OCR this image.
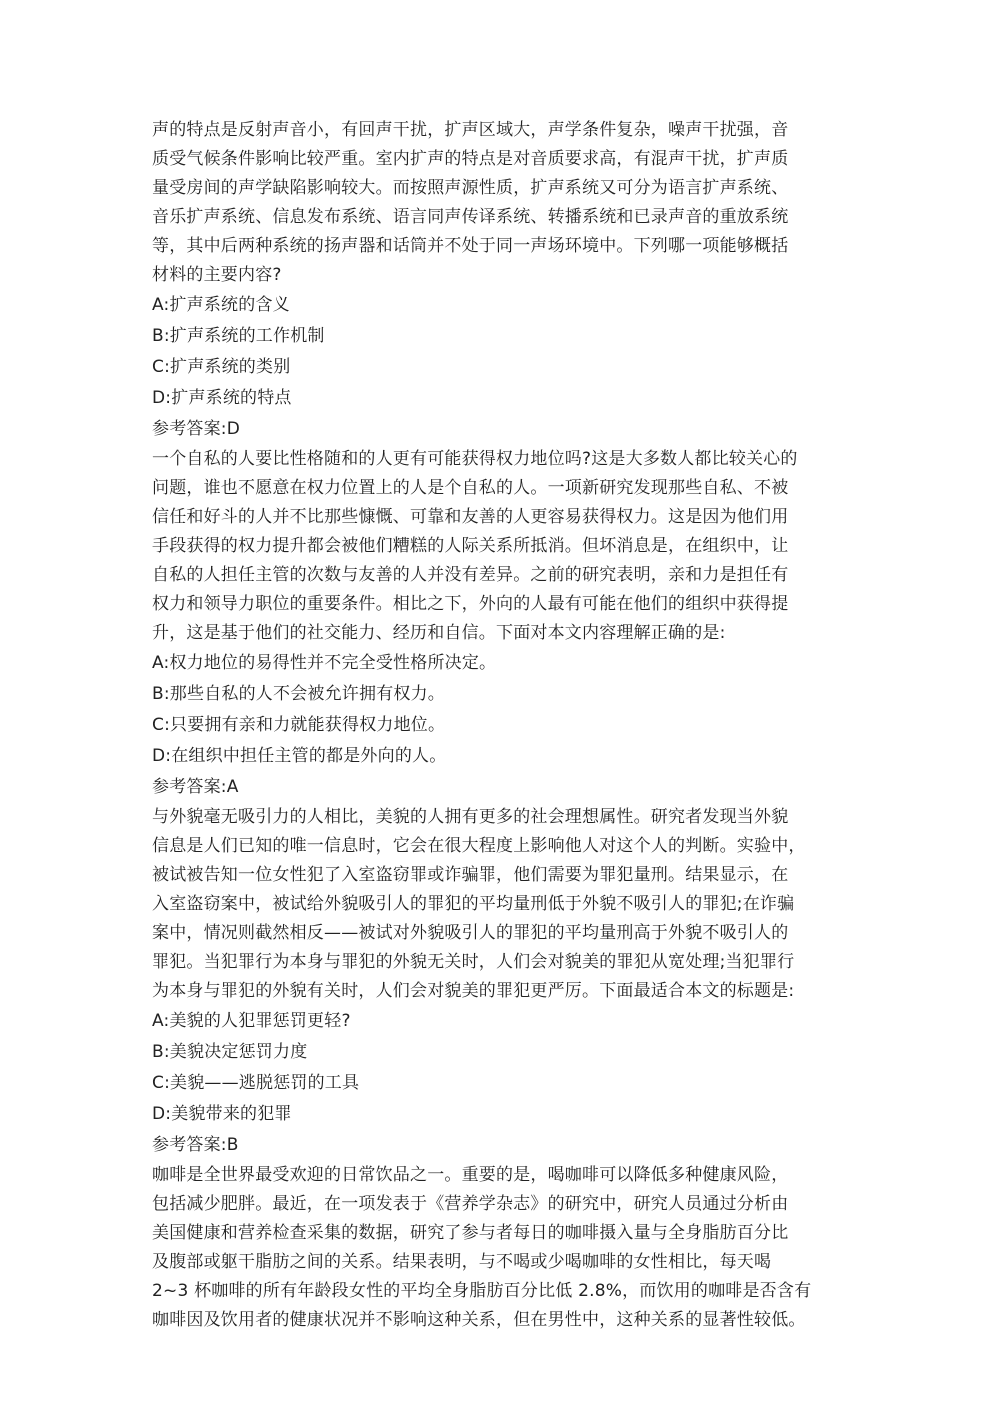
声的特点是反射声音小，有回声干扰，扩声区域大，声学条件复杂，噪声干扰强，音
质受气候条件影响比较严重。室内扩声的特点是对音质要求高，有混声干扰，扩声质
量受房间的声学缺陷影响较大。而按照声源性质，扩声系统又可分为语言扩声系统、
音乐扩声系统、信息发布系统、语言同声传译系统、转播系统和已录声音的重放系统
等，其中后两种系统的扬声器和话筒并不处于同一声场环境中。下列哪一项能够概括
材料的主要内容?

A:扩声系统的含义

B:扩声系统的工作机制

C:扩声系统的类别

D:扩声系统的特点

参考答案:D

一个自私的人要比性格随和的人更有可能获得权力地位吗?这是大多数人都比较关心的
问题，谁也不愿意在权力位置上的人是个自私的人。一项新研究发现那些自私、不被
信任和好斗的人并不比那些慷慨、可靠和友善的人更容易获得权力。这是因为他们用
手段获得的权力提升都会被他们糟糕的人际关系所抵消。但坏消息是，在组织中，让
自私的人担任主管的次数与友善的人并没有差异。之前的研究表明，亲和力是担任有
权力和领导力职位的重要条件。相比之下，外向的人最有可能在他们的组织中获得提
升，这是基于他们的社交能力、经历和自信。下面对本文内容理解正确的是:

A:权力地位的易得性并不完全受性格所决定。

B:那些自私的人不会被允许拥有权力。

C:只要拥有亲和力就能获得权力地位。

D:在组织中担任主管的都是外向的人。

参考答案:A

与外貌毫无吸引力的人相比，美貌的人拥有更多的社会理想属性。研究者发现当外貌
信息是人们已知的唯一信息时，它会在很大程度上影响他人对这个人的判断。实验中，
被试被告知一位女性犯了入室盗窃罪或诈骗罪，他们需要为罪犯量刑。结果显示，在
入室盗窃案中，被试给外貌吸引人的罪犯的平均量刑低于外貌不吸引人的罪犯;在诈骗
案中，情况则截然相反——被试对外貌吸引人的罪犯的平均量刑高于外貌不吸引人的
罪犯。当犯罪行为本身与罪犯的外貌无关时，人们会对貌美的罪犯从宽处理;当犯罪行
为本身与罪犯的外貌有关时，人们会对貌美的罪犯更严厉。下面最适合本文的标题是:

A:美貌的人犯罪惩罚更轻?

B:美貌决定惩罚力度

C:美貌——逃脱惩罚的工具

D:美貌带来的犯罪

参考答案:B

咖啡是全世界最受欢迎的日常饮品之一。重要的是，喝咖啡可以降低多种健康风险，
包括减少肥胖。最近，在一项发表于《营养学杂志》的研究中，研究人员通过分析由
美国健康和营养检查采集的数据，研究了参与者每日的咖啡摄入量与全身脂肪百分比
及腹部或躯干脂肪之间的关系。结果表明，与不喝或少喝咖啡的女性相比，每天喝
2~3 杯咖啡的所有年龄段女性的平均全身脂肪百分比低 2.8%，而饮用的咖啡是否含有
咖啡因及饮用者的健康状况并不影响这种关系，但在男性中，这种关系的显著性较低。
